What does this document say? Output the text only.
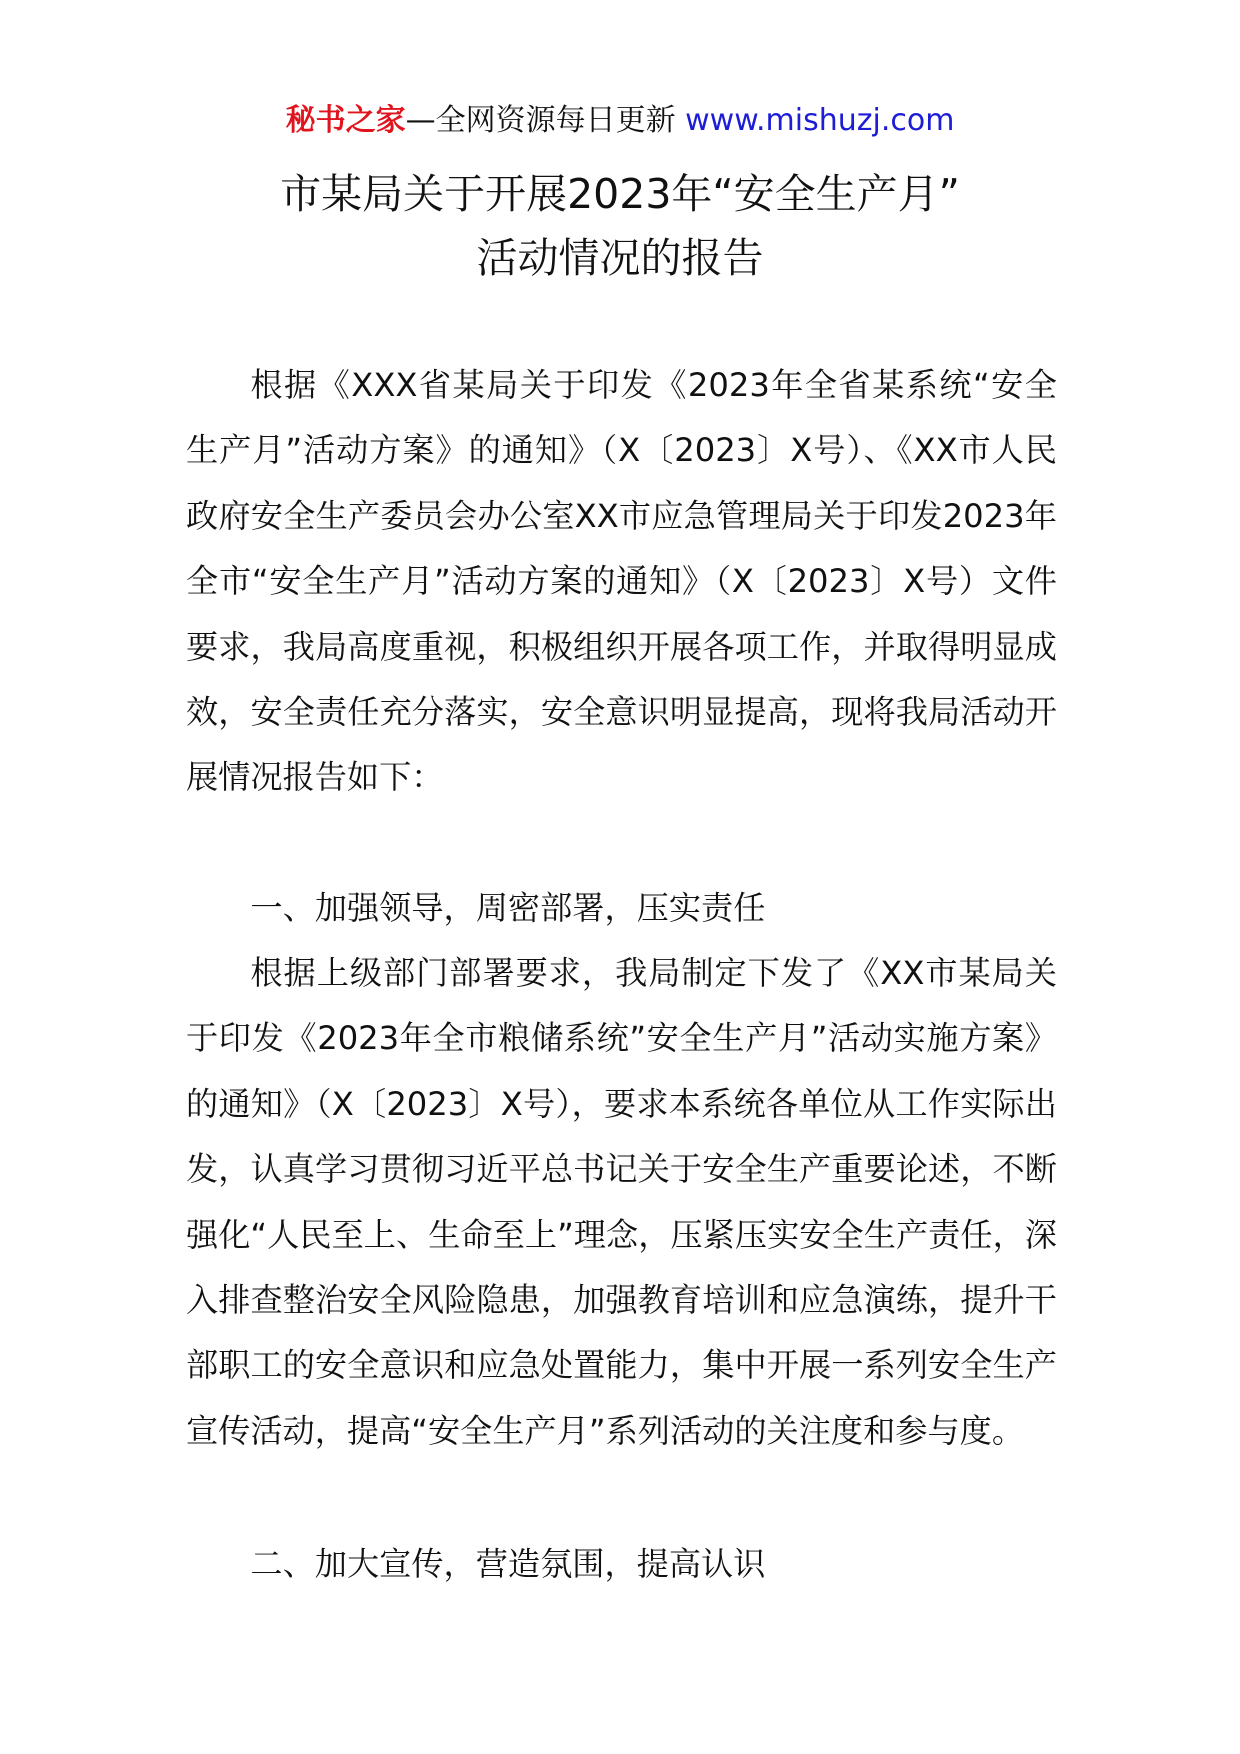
秘书之家—全网资源每日更新 www.mishuzj.com
市某局关于开展2023年“安全生产月”
活动情况的报告

根据《XXX省某局关于印发《2023年全省某系统“安全生产月”活动方案》的通知》（X〔2023〕X号）、《XX市人民政府安全生产委员会办公室XX市应急管理局关于印发2023年全市“安全生产月”活动方案的通知》（X〔2023〕X号）文件要求，我局高度重视，积极组织开展各项工作，并取得明显成效，安全责任充分落实，安全意识明显提高，现将我局活动开展情况报告如下：

一、加强领导，周密部署，压实责任

根据上级部门部署要求，我局制定下发了《XX市某局关于印发《2023年全市粮储系统”安全生产月”活动实施方案》的通知》（X〔2023〕X号），要求本系统各单位从工作实际出发，认真学习贯彻习近平总书记关于安全生产重要论述，不断强化“人民至上、生命至上”理念，压紧压实安全生产责任，深入排查整治安全风险隐患，加强教育培训和应急演练，提升干部职工的安全意识和应急处置能力，集中开展一系列安全生产宣传活动，提高“安全生产月”系列活动的关注度和参与度。

二、加大宣传，营造氛围，提高认识
